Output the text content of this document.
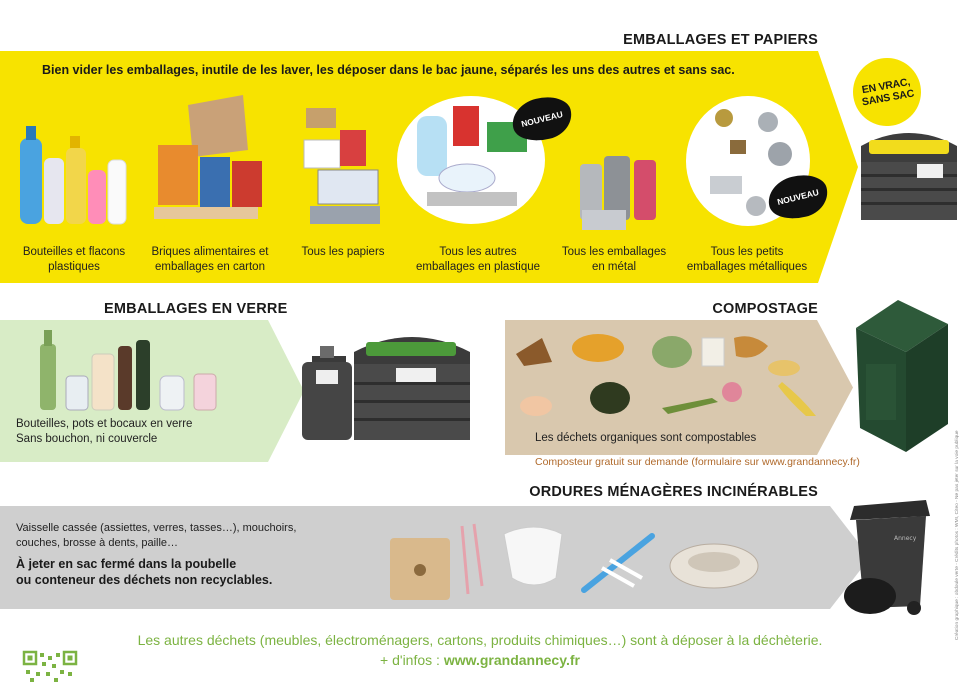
EMBALLAGES ET PAPIERS
Bien vider les emballages, inutile de les laver, les déposer dans le bac jaune, séparés les uns des autres et sans sac.
NOUVEAU
NOUVEAU
Bouteilles et flacons
plastiques
Briques alimentaires et
emballages en carton
Tous les papiers	Tous les autres
emballages en plastique
Tous les emballages
en métal
Tous les petits
emballages métalliques
EN VRAC, SANS SAC
EMBALLAGES EN VERRE
Bouteilles, pots et bocaux en verre
Sans bouchon, ni couvercle
COMPOSTAGE
Les déchets organiques sont compostables
Composteur gratuit sur demande (formulaire sur www.grandannecy.fr)
ORDURES MÉNAGÈRES INCINÉRABLES
Vaisselle cassée (assiettes, verres, tasses…), mouchoirs,
couches, brosse à dents, paille…
À jeter en sac fermé dans la poubelle
ou conteneur des déchets non recyclables.
Annecy
Les autres déchets (meubles, électroménagers, cartons, produits chimiques…) sont à déposer à la déchèterie.
+ d'infos : www.grandannecy.fr
Création graphique : obdoule verte - Crédits photos : WMI, Citeo - Ne pas jeter sur la voie publique
